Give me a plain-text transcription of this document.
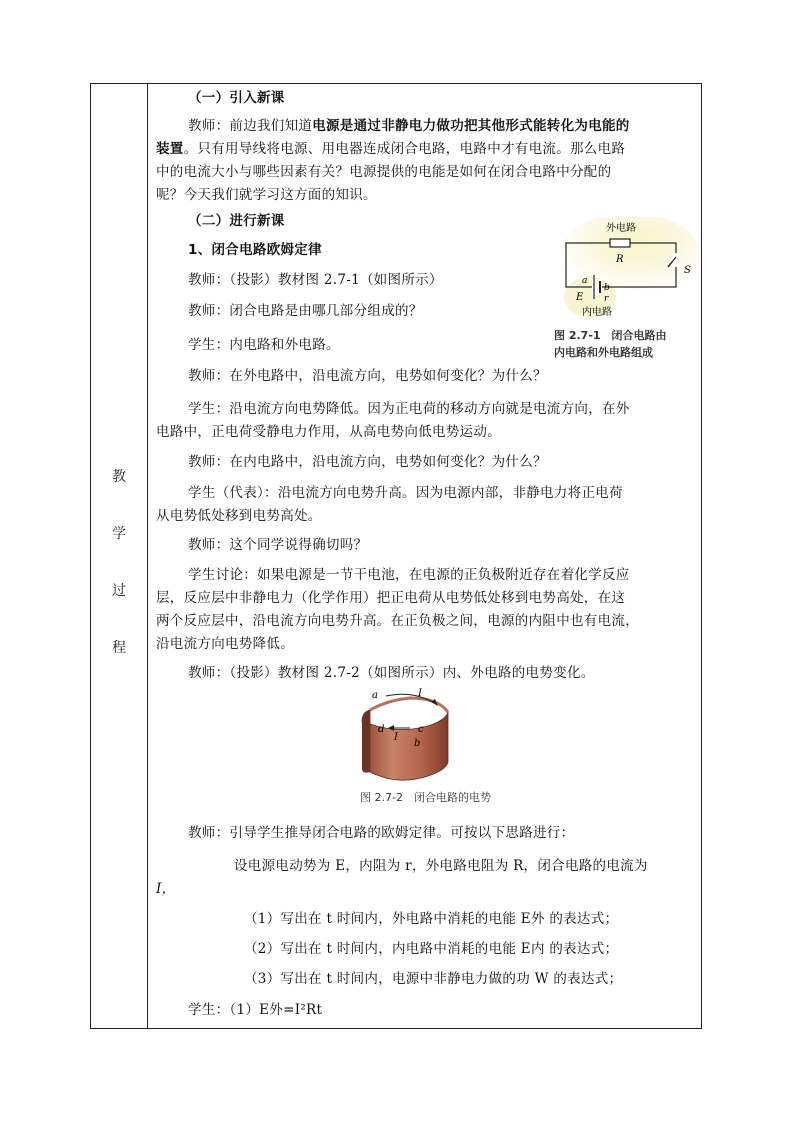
教
学
过
程
（一）引入新课
教师：前边我们知道电源是通过非静电力做功把其他形式能转化为电能的
装置。只有用导线将电源、用电器连成闭合电路，电路中才有电流。那么电路
中的电流大小与哪些因素有关？电源提供的电能是如何在闭合电路中分配的
呢？今天我们就学习这方面的知识。
（二）进行新课
1、闭合电路欧姆定律
教师：（投影）教材图 2.7-1（如图所示）
教师：闭合电路是由哪几部分组成的？
学生：内电路和外电路。
教师：在外电路中，沿电流方向，电势如何变化？为什么？
学生：沿电流方向电势降低。因为正电荷的移动方向就是电流方向，在外
电路中，正电荷受静电力作用，从高电势向低电势运动。
教师：在内电路中，沿电流方向，电势如何变化？为什么？
学生（代表）：沿电流方向电势升高。因为电源内部，非静电力将正电荷
从电势低处移到电势高处。
教师：这个同学说得确切吗？
学生讨论：如果电源是一节干电池，在电源的正负极附近存在着化学反应
层，反应层中非静电力（化学作用）把正电荷从电势低处移到电势高处，在这
两个反应层中，沿电流方向电势升高。在正负极之间，电源的内阻中也有电流，
沿电流方向电势降低。
教师：（投影）教材图 2.7-2（如图所示）内、外电路的电势变化。
教师：引导学生推导闭合电路的欧姆定律。可按以下思路进行：
设电源电动势为 E，内阻为 r，外电路电阻为 R，闭合电路的电流为
I，
（1）写出在 t 时间内，外电路中消耗的电能 E外 的表达式；
（2）写出在 t 时间内，内电路中消耗的电能 E内 的表达式；
（3）写出在 t 时间内，电源中非静电力做的功 W 的表达式；
学生：（1）E外=I²Rt
外电路
R
S
E
b
r
a
内电路
图 2.7-1　闭合电路由
内电路和外电路组成
a	I
c
d
I
b
图 2.7-2　闭合电路的电势
